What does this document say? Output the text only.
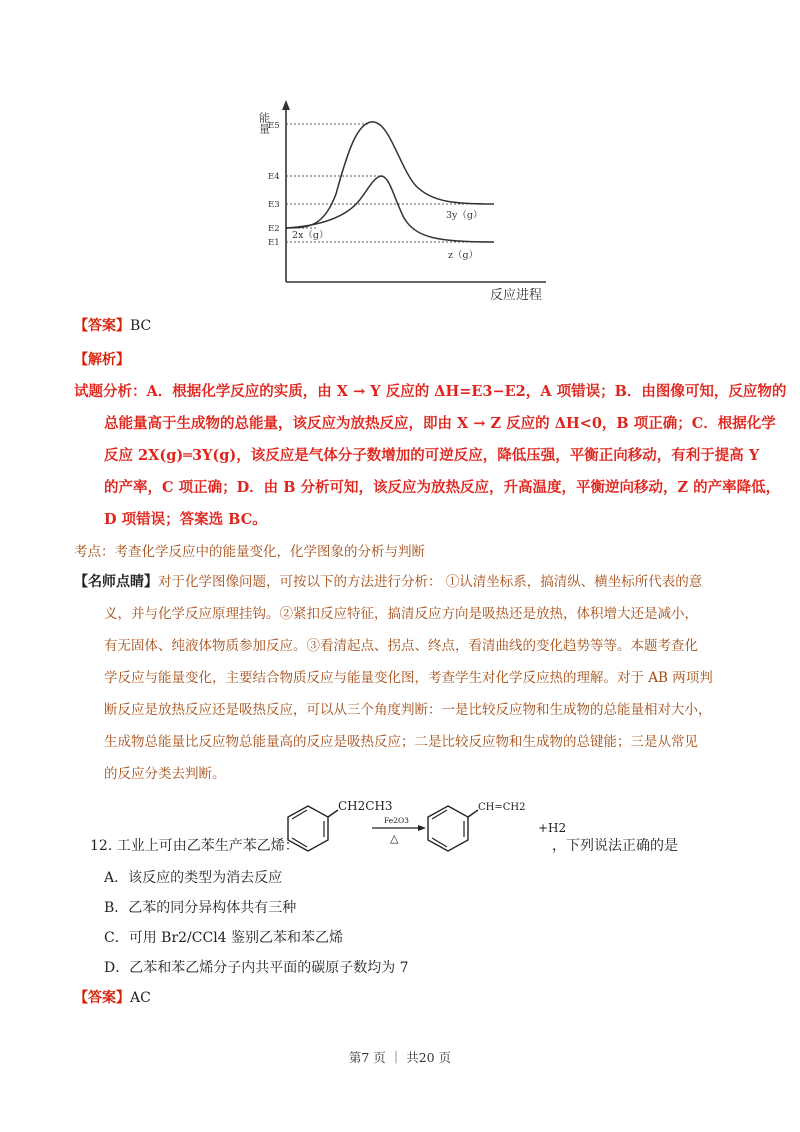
能量
E5
E4
E3
E2
E1
2x（g）
3y（g）
z（g）
反应进程
【答案】BC
【解析】
试题分析：A．根据化学反应的实质，由 X → Y 反应的 ΔH=E3−E2，A 项错误；B．由图像可知，反应物的
总能量高于生成物的总能量，该反应为放热反应，即由 X → Z 反应的 ΔH<0，B 项正确；C．根据化学
反应 2X(g)═3Y(g)，该反应是气体分子数增加的可逆反应，降低压强，平衡正向移动，有利于提高 Y
的产率，C 项正确；D．由 B 分析可知，该反应为放热反应，升高温度，平衡逆向移动，Z 的产率降低，
D 项错误；答案选 BC。
考点：考查化学反应中的能量变化，化学图象的分析与判断
【名师点睛】对于化学图像问题，可按以下的方法进行分析： ①认清坐标系，搞清纵、横坐标所代表的意
义，并与化学反应原理挂钩。②紧扣反应特征，搞清反应方向是吸热还是放热，体积增大还是减小，
有无固体、纯液体物质参加反应。③看清起点、拐点、终点，看清曲线的变化趋势等等。本题考查化
学反应与能量变化，主要结合物质反应与能量变化图，考查学生对化学反应热的理解。对于 AB 两项判
断反应是放热反应还是吸热反应，可以从三个角度判断：一是比较反应物和生成物的总能量相对大小，
生成物总能量比反应物总能量高的反应是吸热反应；二是比较反应物和生成物的总键能；三是从常见
的反应分类去判断。
CH2CH3
Fe2O3
△
CH=CH2
+H2
12. 工业上可由乙苯生产苯乙烯：	，下列说法正确的是
A．该反应的类型为消去反应
B．乙苯的同分异构体共有三种
C．可用 Br2/CCl4 鉴别乙苯和苯乙烯
D．乙苯和苯乙烯分子内共平面的碳原子数均为 7
【答案】AC
第7 页 ｜ 共20 页
